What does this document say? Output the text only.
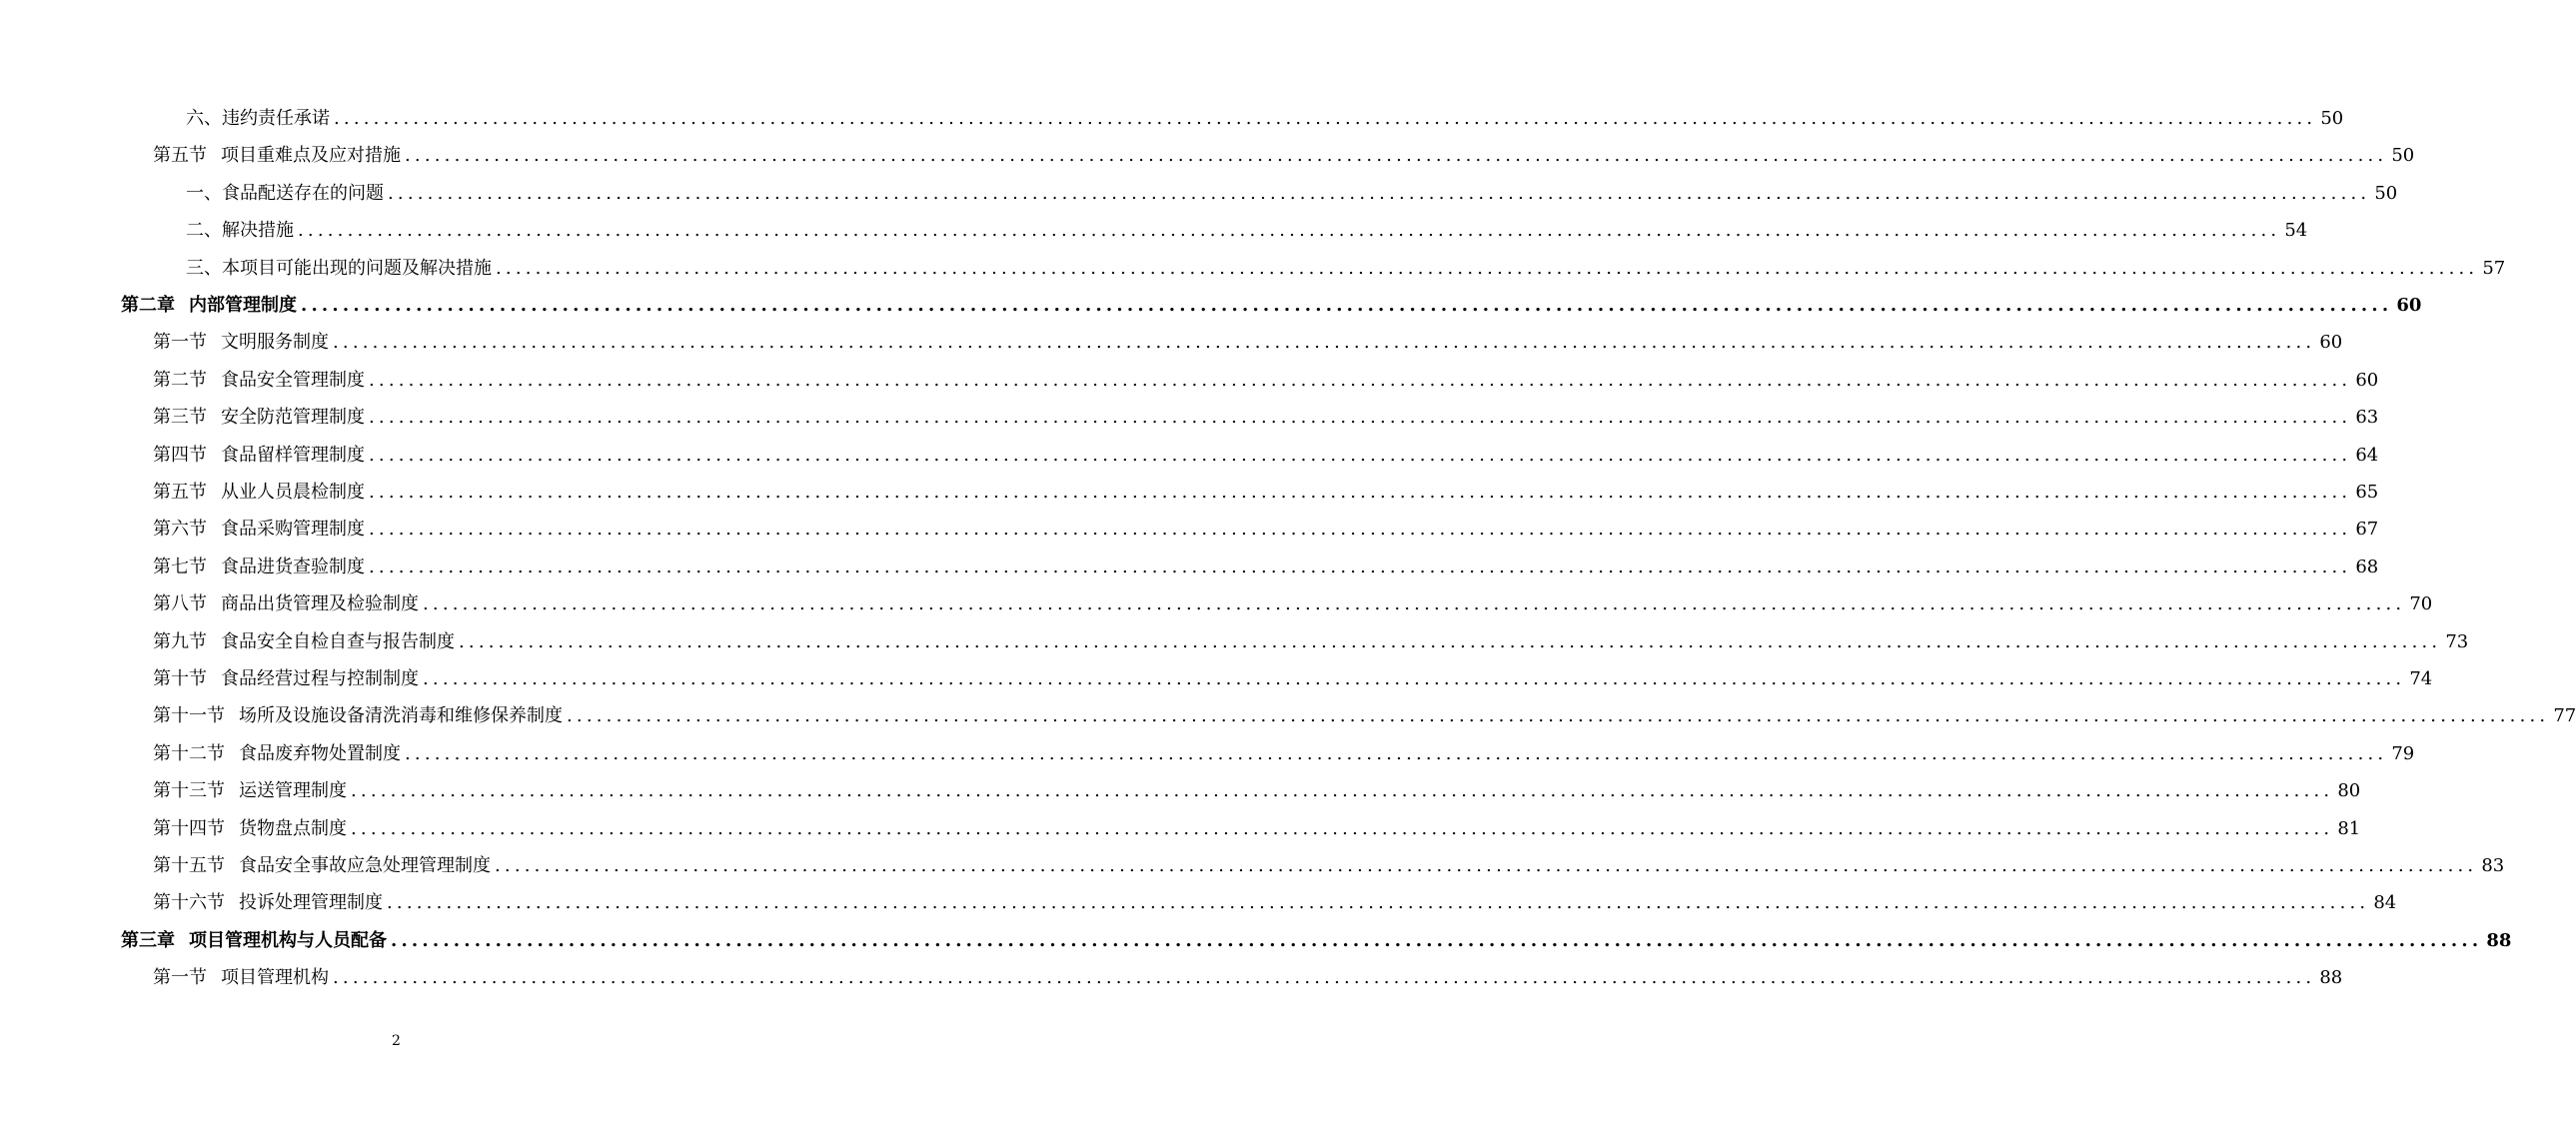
六、违约责任承诺 ........................................................................................................................................................................................................ 50
第五节 项目重难点及应对措施 ........................................................................................................................................................................................................ 50
一、食品配送存在的问题 ........................................................................................................................................................................................................ 50
二、解决措施 ........................................................................................................................................................................................................ 54
三、本项目可能出现的问题及解决措施 ........................................................................................................................................................................................................ 57
第二章 内部管理制度 ........................................................................................................................................................................................................ 60
第一节 文明服务制度 ........................................................................................................................................................................................................ 60
第二节 食品安全管理制度 ........................................................................................................................................................................................................ 60
第三节 安全防范管理制度 ........................................................................................................................................................................................................ 63
第四节 食品留样管理制度 ........................................................................................................................................................................................................ 64
第五节 从业人员晨检制度 ........................................................................................................................................................................................................ 65
第六节 食品采购管理制度 ........................................................................................................................................................................................................ 67
第七节 食品进货查验制度 ........................................................................................................................................................................................................ 68
第八节 商品出货管理及检验制度 ........................................................................................................................................................................................................ 70
第九节 食品安全自检自查与报告制度 ........................................................................................................................................................................................................ 73
第十节 食品经营过程与控制制度 ........................................................................................................................................................................................................ 74
第十一节 场所及设施设备清洗消毒和维修保养制度 ........................................................................................................................................................................................................ 77
第十二节 食品废弃物处置制度 ........................................................................................................................................................................................................ 79
第十三节 运送管理制度 ........................................................................................................................................................................................................ 80
第十四节 货物盘点制度 ........................................................................................................................................................................................................ 81
第十五节 食品安全事故应急处理管理制度 ........................................................................................................................................................................................................ 83
第十六节 投诉处理管理制度 ........................................................................................................................................................................................................ 84
第三章 项目管理机构与人员配备 ........................................................................................................................................................................................................ 88
第一节 项目管理机构 ........................................................................................................................................................................................................ 88
2
